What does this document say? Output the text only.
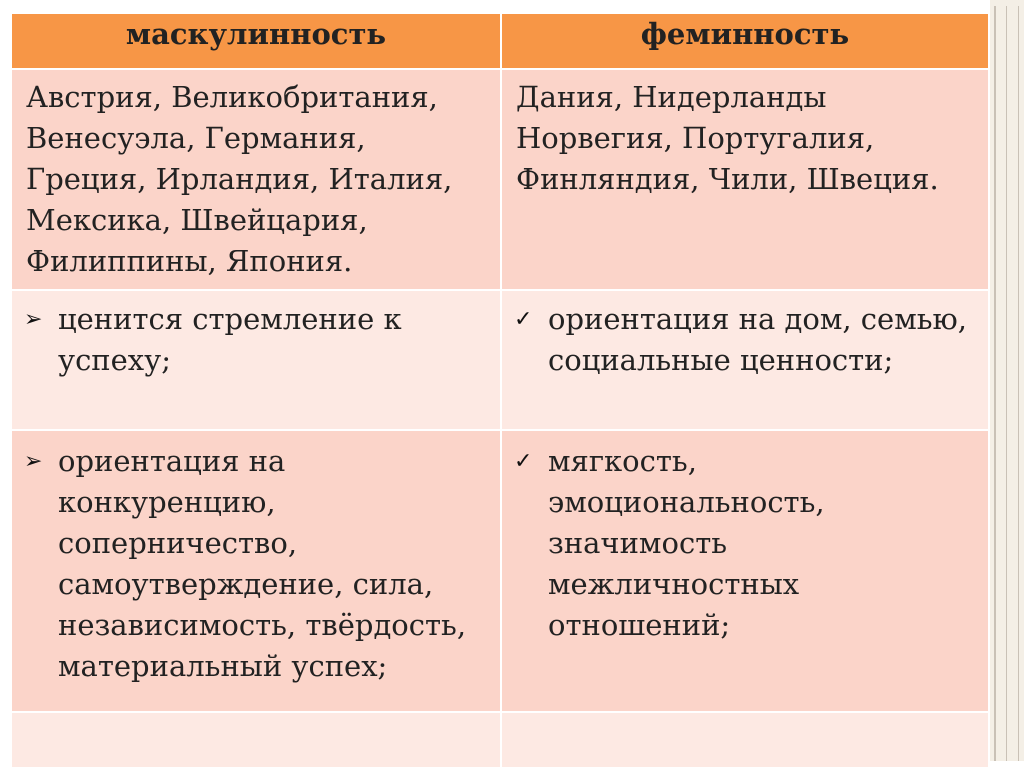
маскулинность	феминность
Австрия, Великобритания, Венесуэла, Германия, Греция, Ирландия, Италия, Мексика, Швейцария, Филиппины, Япония.	Дания, Нидерланды Норвегия, Португалия, Финляндия, Чили, Швеция.

➢ ценится стремление к успеху;	✓ ориентация на дом, семью, социальные ценности;

➢ ориентация на конкуренцию, соперничество, самоутверждение, сила, независимость, твёрдость, материальный успех;	✓ мягкость, эмоциональность, значимость межличностных отношений;
